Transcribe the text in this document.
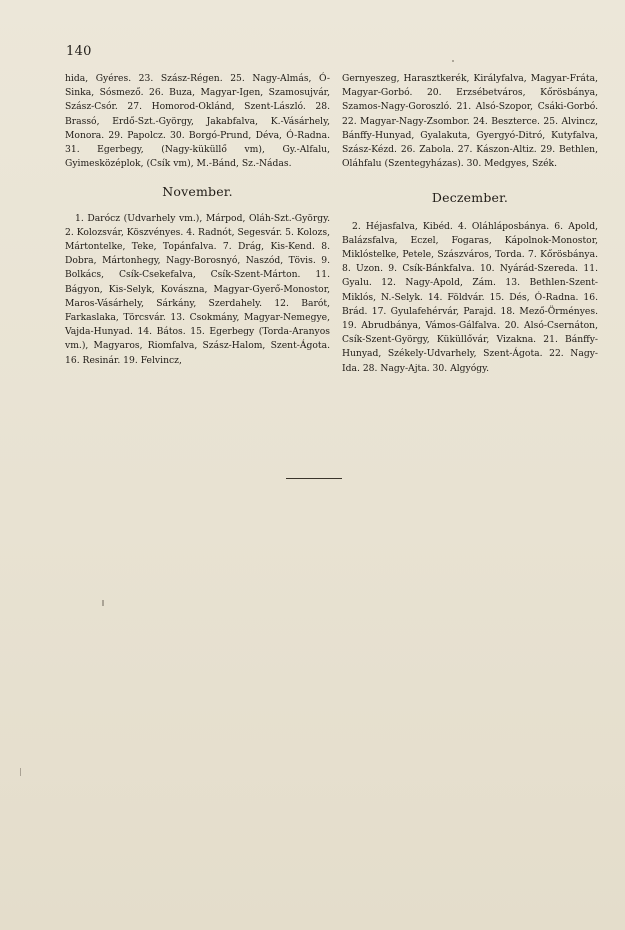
140

hida, Gyéres. 23. Szász-Régen. 25. Nagy-Almás, Ó-Sinka, Sósmező. 26. Buza, Magyar-Igen, Szamosujvár, Szász-Csór. 27. Homorod-Oklánd, Szent-László. 28. Brassó, Erdő-Szt.-György, Jakabfalva, K.-Vásárhely, Monora. 29. Papolcz. 30. Borgó-Prund, Déva, Ó-Radna. 31. Egerbegy, (Nagy-küküllő vm), Gy.-Alfalu, Gyimesközéplok, (Csík vm), M.-Bánd, Sz.-Nádas.

November.

1. Darócz (Udvarhely vm.), Márpod, Oláh-Szt.-György. 2. Kolozsvár, Köszvényes. 4. Radnót, Segesvár. 5. Kolozs, Mártontelke, Teke, Topánfalva. 7. Drág, Kis-Kend. 8. Dobra, Mártonhegy, Nagy-Borosnyó, Naszód, Tövis. 9. Bolkács, Csík-Csekefalva, Csík-Szent-Márton. 11. Bágyon, Kis-Selyk, Kovászna, Magyar-Gyerő-Monostor, Maros-Vásárhely, Sárkány, Szerdahely. 12. Barót, Farkaslaka, Törcsvár. 13. Csokmány, Magyar-Nemegye, Vajda-Hunyad. 14. Bátos. 15. Egerbegy (Torda-Aranyos vm.), Magyaros, Riomfalva, Szász-Halom, Szent-Ágota. 16. Resinár. 19. Felvincz,

Gernyeszeg, Harasztkerék, Királyfalva, Magyar-Fráta, Magyar-Gorbó. 20. Erzsébetváros, Kőrösbánya, Szamos-Nagy-Goroszló. 21. Alsó-Szopor, Csáki-Gorbó. 22. Magyar-Nagy-Zsombor. 24. Beszterce. 25. Alvincz, Bánffy-Hunyad, Gyalakuta, Gyergyó-Ditró, Kutyfalva, Szász-Kézd. 26. Zabola. 27. Kászon-Altiz. 29. Bethlen, Oláhfalu (Szentegyházas). 30. Medgyes, Szék.

Deczember.

2. Héjasfalva, Kibéd. 4. Oláhláposbánya. 6. Apold, Balázsfalva, Eczel, Fogaras, Kápolnok-Monostor, Miklóstelke, Petele, Szászváros, Torda. 7. Kőrösbánya. 8. Uzon. 9. Csík-Bánkfalva. 10. Nyárád-Szereda. 11. Gyalu. 12. Nagy-Apold, Zám. 13. Bethlen-Szent-Miklós, N.-Selyk. 14. Földvár. 15. Dés, Ó-Radna. 16. Brád. 17. Gyulafehérvár, Parajd. 18. Mező-Örményes. 19. Abrudbánya, Vámos-Gálfalva. 20. Alsó-Csernáton, Csík-Szent-György, Küküllővár, Vizakna. 21. Bánffy-Hunyad, Székely-Udvarhely, Szent-Ágota. 22. Nagy-Ida. 28. Nagy-Ajta. 30. Algyógy.
